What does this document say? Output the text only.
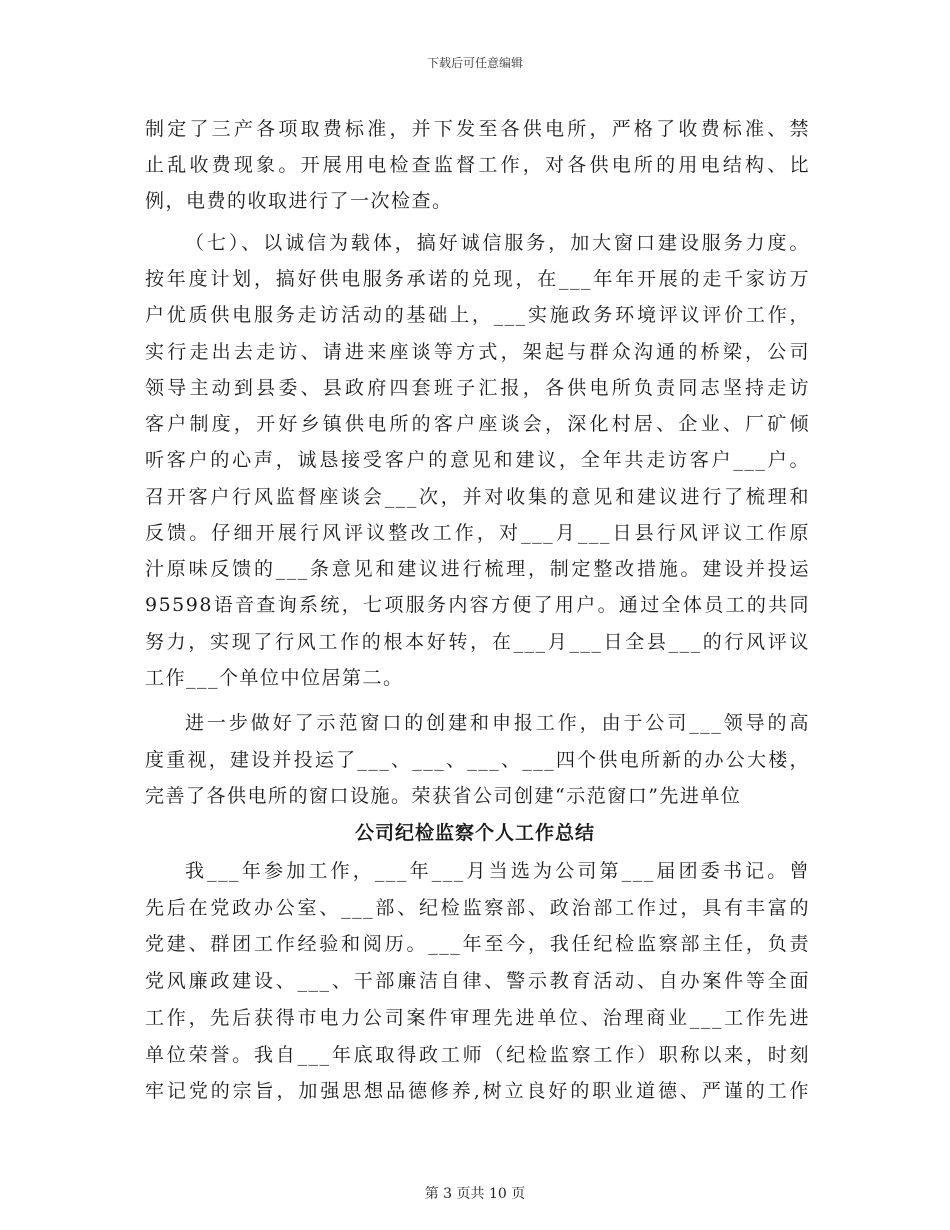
下载后可任意编辑
制定了三产各项取费标准，并下发至各供电所，严格了收费标准、禁
止乱收费现象。开展用电检查监督工作，对各供电所的用电结构、比
例，电费的收取进行了一次检查。
（七）、以诚信为载体，搞好诚信服务，加大窗口建设服务力度。
按年度计划，搞好供电服务承诺的兑现，在___年年开展的走千家访万
户优质供电服务走访活动的基础上，___实施政务环境评议评价工作，
实行走出去走访、请进来座谈等方式，架起与群众沟通的桥梁，公司
领导主动到县委、县政府四套班子汇报，各供电所负责同志坚持走访
客户制度，开好乡镇供电所的客户座谈会，深化村居、企业、厂矿倾
听客户的心声，诚恳接受客户的意见和建议，全年共走访客户___户。
召开客户行风监督座谈会___次，并对收集的意见和建议进行了梳理和
反馈。仔细开展行风评议整改工作，对___月___日县行风评议工作原
汁原味反馈的___条意见和建议进行梳理，制定整改措施。建设并投运
95598语音查询系统，七项服务内容方便了用户。通过全体员工的共同
努力，实现了行风工作的根本好转，在___月___日全县___的行风评议
工作___个单位中位居第二。
进一步做好了示范窗口的创建和申报工作，由于公司___领导的高
度重视，建设并投运了___、___、___、___四个供电所新的办公大楼，
完善了各供电所的窗口设施。荣获省公司创建“示范窗口”先进单位
公司纪检监察个人工作总结
我___年参加工作，___年___月当选为公司第___届团委书记。曾
先后在党政办公室、___部、纪检监察部、政治部工作过，具有丰富的
党建、群团工作经验和阅历。___年至今，我任纪检监察部主任，负责
党风廉政建设、___、干部廉洁自律、警示教育活动、自办案件等全面
工作，先后获得市电力公司案件审理先进单位、治理商业___工作先进
单位荣誉。我自___年底取得政工师（纪检监察工作）职称以来，时刻
牢记党的宗旨，加强思想品德修养,树立良好的职业道德、严谨的工作
第 3 页共 10 页
